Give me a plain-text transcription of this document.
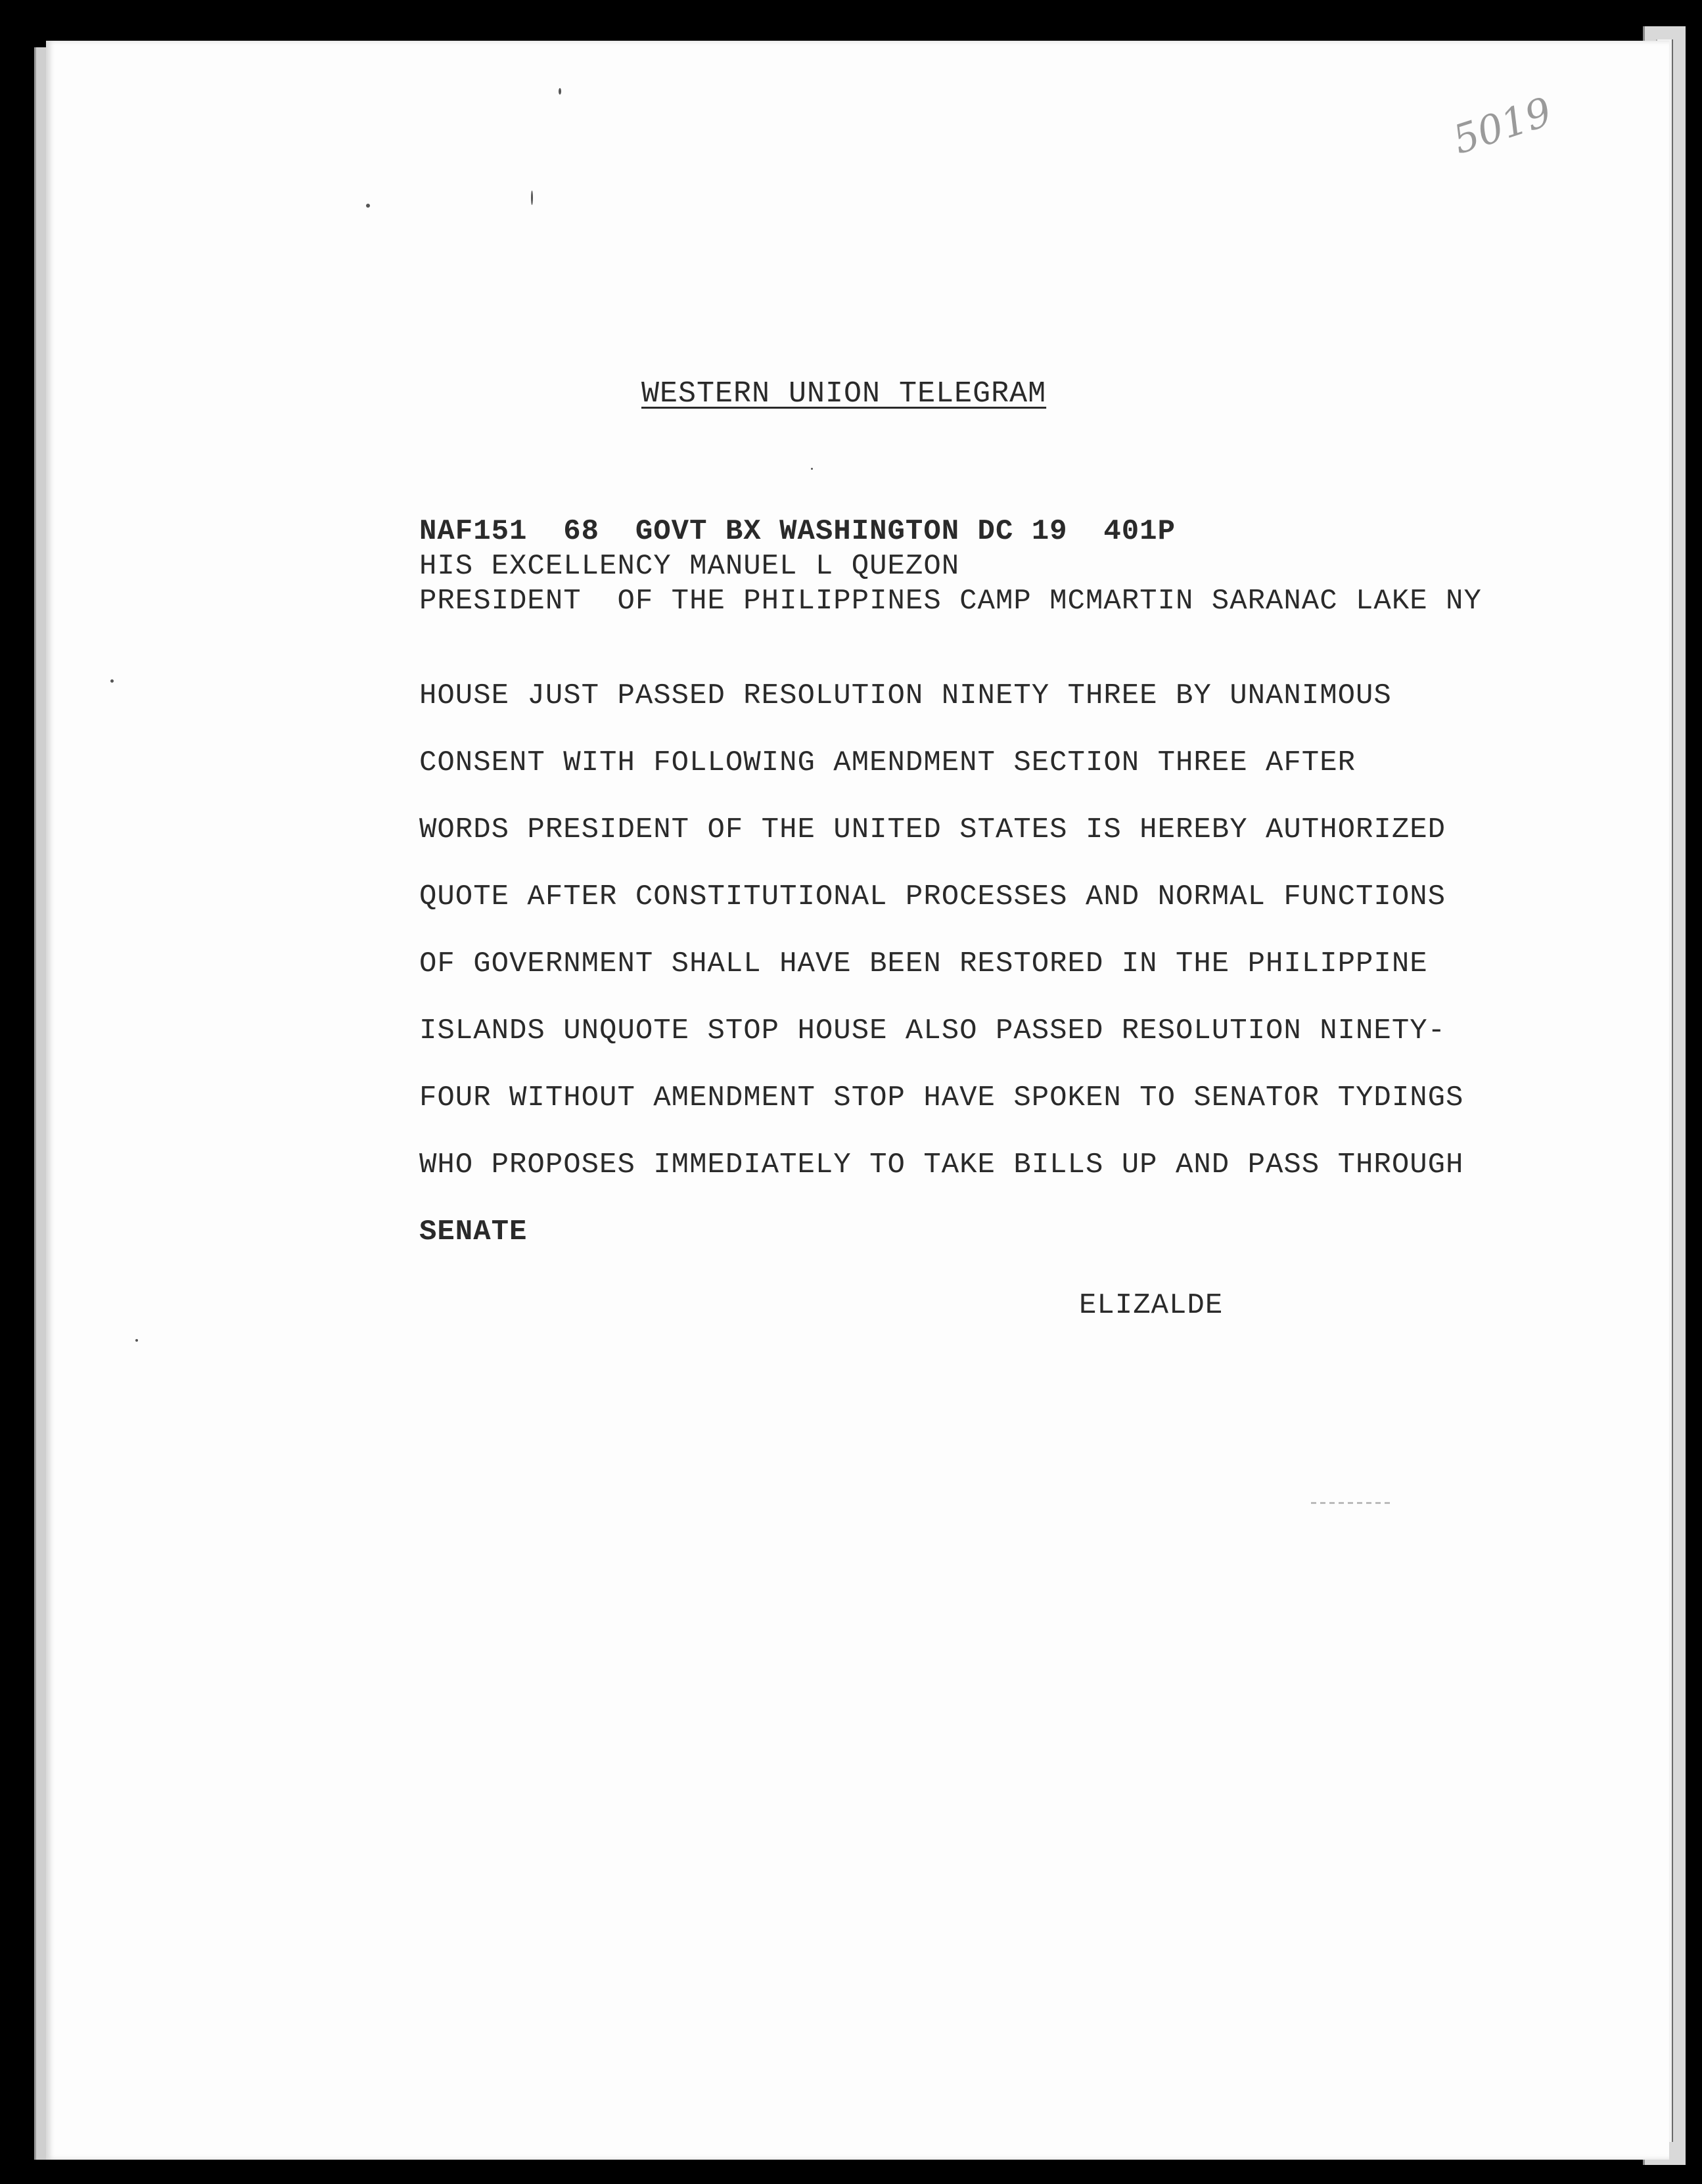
5019
WESTERN UNION TELEGRAM
NAF151  68  GOVT BX WASHINGTON DC 19  401P
HIS EXCELLENCY MANUEL L QUEZON
PRESIDENT  OF THE PHILIPPINES CAMP MCMARTIN SARANAC LAKE NY
HOUSE JUST PASSED RESOLUTION NINETY THREE BY UNANIMOUS
CONSENT WITH FOLLOWING AMENDMENT SECTION THREE AFTER
WORDS PRESIDENT OF THE UNITED STATES IS HEREBY AUTHORIZED
QUOTE AFTER CONSTITUTIONAL PROCESSES AND NORMAL FUNCTIONS
OF GOVERNMENT SHALL HAVE BEEN RESTORED IN THE PHILIPPINE
ISLANDS UNQUOTE STOP HOUSE ALSO PASSED RESOLUTION NINETY-
FOUR WITHOUT AMENDMENT STOP HAVE SPOKEN TO SENATOR TYDINGS
WHO PROPOSES IMMEDIATELY TO TAKE BILLS UP AND PASS THROUGH
SENATE
ELIZALDE
